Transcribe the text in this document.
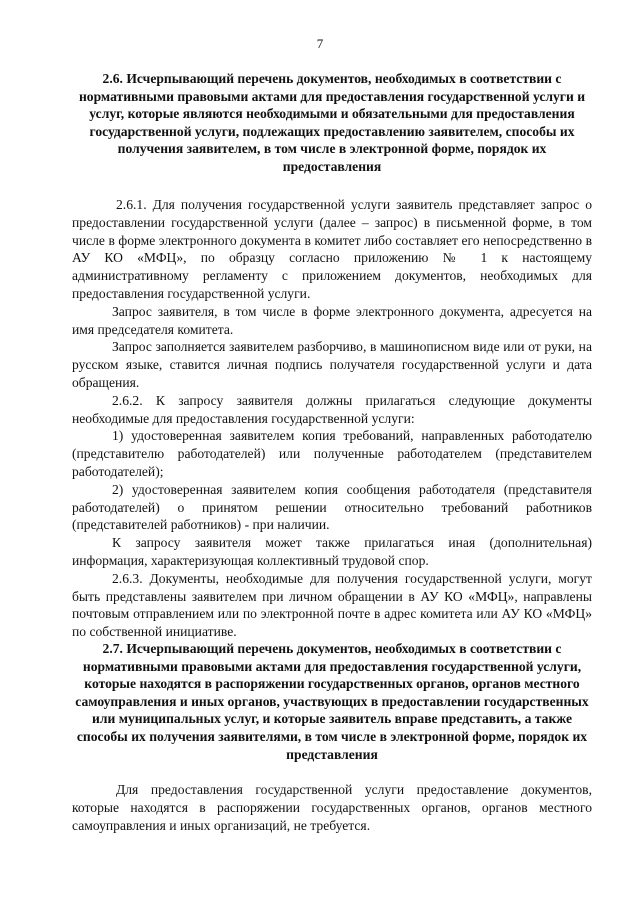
7

2.6. Исчерпывающий перечень документов, необходимых в соответствии с нормативными правовыми актами для предоставления государственной услуги и услуг, которые являются необходимыми и обязательными для предоставления государственной услуги, подлежащих предоставлению заявителем, способы их получения заявителем, в том числе в электронной форме, порядок их предоставления

2.6.1. Для получения государственной услуги заявитель представляет запрос о предоставлении государственной услуги (далее – запрос) в письменной форме, в том числе в форме электронного документа в комитет либо составляет его непосредственно в АУ КО «МФЦ», по образцу согласно приложению № 1 к настоящему административному регламенту с приложением документов, необходимых для предоставления государственной услуги.

Запрос заявителя, в том числе в форме электронного документа, адресуется на имя председателя комитета.

Запрос заполняется заявителем разборчиво, в машинописном виде или от руки, на русском языке, ставится личная подпись получателя государственной услуги и дата обращения.

2.6.2. К запросу заявителя должны прилагаться следующие документы необходимые для предоставления государственной услуги:

1) удостоверенная заявителем копия требований, направленных работодателю (представителю работодателей) или полученные работодателем (представителем работодателей);

2) удостоверенная заявителем копия сообщения работодателя (представителя работодателей) о принятом решении относительно требований работников (представителей работников) - при наличии.

К запросу заявителя может также прилагаться иная (дополнительная) информация, характеризующая коллективный трудовой спор.

2.6.3. Документы, необходимые для получения государственной услуги, могут быть представлены заявителем при личном обращении в АУ КО «МФЦ», направлены почтовым отправлением или по электронной почте в адрес комитета или АУ КО «МФЦ» по собственной инициативе.

2.7. Исчерпывающий перечень документов, необходимых в соответствии с нормативными правовыми актами для предоставления государственной услуги, которые находятся в распоряжении государственных органов, органов местного самоуправления и иных органов, участвующих в предоставлении государственных или муниципальных услуг, и которые заявитель вправе представить, а также способы их получения заявителями, в том числе в электронной форме, порядок их представления

Для предоставления государственной услуги предоставление документов, которые находятся в распоряжении государственных органов, органов местного самоуправления и иных организаций, не требуется.
